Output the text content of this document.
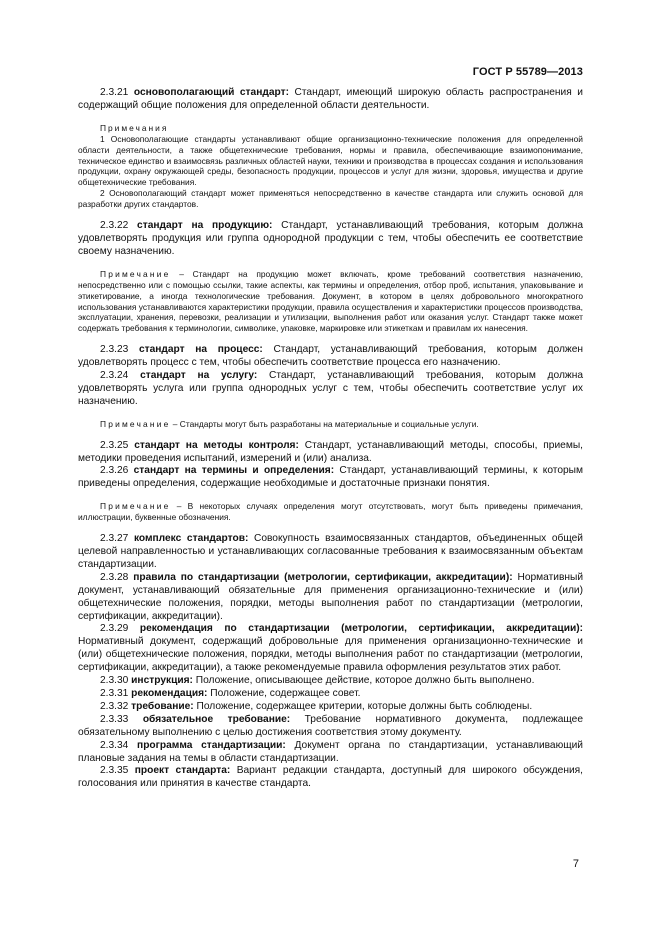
ГОСТ Р 55789—2013

2.3.21 основополагающий стандарт: Стандарт, имеющий широкую область распространения и содержащий общие положения для определенной области деятельности.

Примечания

1 Основополагающие стандарты устанавливают общие организационно-технические положения для определенной области деятельности, а также общетехнические требования, нормы и правила, обеспечивающие взаимопонимание, техническое единство и взаимосвязь различных областей науки, техники и производства в процессах создания и использования продукции, охрану окружающей среды, безопасность продукции, процессов и услуг для жизни, здоровья, имущества и другие общетехнические требования.

2 Основополагающий стандарт может применяться непосредственно в качестве стандарта или служить основой для разработки других стандартов.

2.3.22 стандарт на продукцию: Стандарт, устанавливающий требования, которым должна удовлетворять продукция или группа однородной продукции с тем, чтобы обеспечить ее соответствие своему назначению.

Примечание – Стандарт на продукцию может включать, кроме требований соответствия назначению, непосредственно или с помощью ссылки, такие аспекты, как термины и определения, отбор проб, испытания, упаковывание и этикетирование, а иногда технологические требования. Документ, в котором в целях добровольного многократного использования устанавливаются характеристики продукции, правила осуществления и характеристики процессов производства, эксплуатации, хранения, перевозки, реализации и утилизации, выполнения работ или оказания услуг. Стандарт также может содержать требования к терминологии, символике, упаковке, маркировке или этикеткам и правилам их нанесения.

2.3.23 стандарт на процесс: Стандарт, устанавливающий требования, которым должен удовлетворять процесс с тем, чтобы обеспечить соответствие процесса его назначению.

2.3.24 стандарт на услугу: Стандарт, устанавливающий требования, которым должна удовлетворять услуга или группа однородных услуг с тем, чтобы обеспечить соответствие услуг их назначению.

Примечание – Стандарты могут быть разработаны на материальные и социальные услуги.

2.3.25 стандарт на методы контроля: Стандарт, устанавливающий методы, способы, приемы, методики проведения испытаний, измерений и (или) анализа.

2.3.26 стандарт на термины и определения: Стандарт, устанавливающий термины, к которым приведены определения, содержащие необходимые и достаточные признаки понятия.

Примечание – В некоторых случаях определения могут отсутствовать, могут быть приведены примечания, иллюстрации, буквенные обозначения.

2.3.27 комплекс стандартов: Совокупность взаимосвязанных стандартов, объединенных общей целевой направленностью и устанавливающих согласованные требования к взаимосвязанным объектам стандартизации.

2.3.28 правила по стандартизации (метрологии, сертификации, аккредитации): Нормативный документ, устанавливающий обязательные для применения организационно-технические и (или) общетехнические положения, порядки, методы выполнения работ по стандартизации (метрологии, сертификации, аккредитации).

2.3.29 рекомендация по стандартизации (метрологии, сертификации, аккредитации): Нормативный документ, содержащий добровольные для применения организационно-технические и (или) общетехнические положения, порядки, методы выполнения работ по стандартизации (метрологии, сертификации, аккредитации), а также рекомендуемые правила оформления результатов этих работ.

2.3.30 инструкция: Положение, описывающее действие, которое должно быть выполнено.

2.3.31 рекомендация: Положение, содержащее совет.

2.3.32 требование: Положение, содержащее критерии, которые должны быть соблюдены.

2.3.33 обязательное требование: Требование нормативного документа, подлежащее обязательному выполнению с целью достижения соответствия этому документу.

2.3.34 программа стандартизации: Документ органа по стандартизации, устанавливающий плановые задания на темы в области стандартизации.

2.3.35 проект стандарта: Вариант редакции стандарта, доступный для широкого обсуждения, голосования или принятия в качестве стандарта.

7
